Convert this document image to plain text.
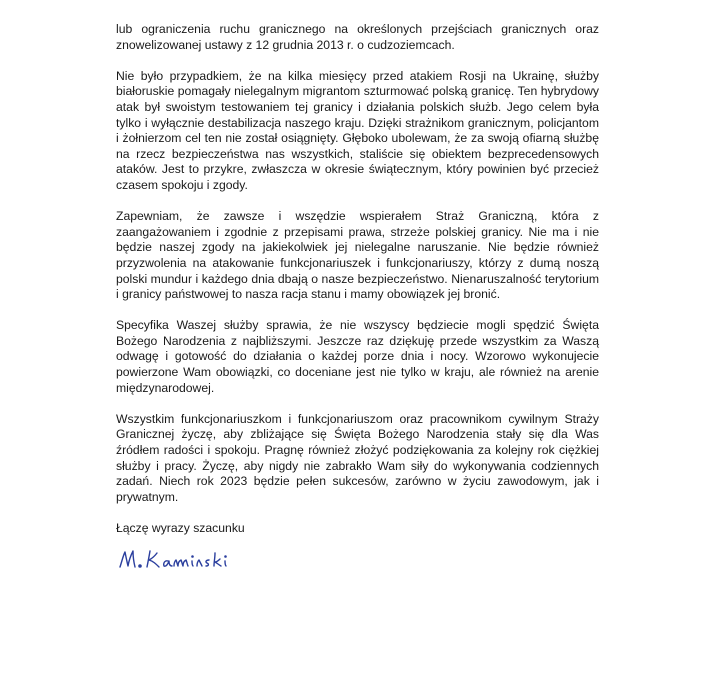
lub ograniczenia ruchu granicznego na określonych przejściach granicznych oraz znowelizowanej ustawy z 12 grudnia 2013 r. o cudzoziemcach.

Nie było przypadkiem, że na kilka miesięcy przed atakiem Rosji na Ukrainę, służby białoruskie pomagały nielegalnym migrantom szturmować polską granicę. Ten hybrydowy atak był swoistym testowaniem tej granicy i działania polskich służb. Jego celem była tylko i wyłącznie destabilizacja naszego kraju. Dzięki strażnikom granicznym, policjantom i żołnierzom cel ten nie został osiągnięty. Głęboko ubolewam, że za swoją ofiarną służbę na rzecz bezpieczeństwa nas wszystkich, staliście się obiektem bezprecedensowych ataków. Jest to przykre, zwłaszcza w okresie świątecznym, który powinien być przecież czasem spokoju i zgody.

Zapewniam, że zawsze i wszędzie wspierałem Straż Graniczną, która z zaangażowaniem i zgodnie z przepisami prawa, strzeże polskiej granicy. Nie ma i nie będzie naszej zgody na jakiekolwiek jej nielegalne naruszanie. Nie będzie również przyzwolenia na atakowanie funkcjonariuszek i funkcjonariuszy, którzy z dumą noszą polski mundur i każdego dnia dbają o nasze bezpieczeństwo. Nienaruszalność terytorium i granicy państwowej to nasza racja stanu i mamy obowiązek jej bronić.

Specyfika Waszej służby sprawia, że nie wszyscy będziecie mogli spędzić Święta Bożego Narodzenia z najbliższymi. Jeszcze raz dziękuję przede wszystkim za Waszą odwagę i gotowość do działania o każdej porze dnia i nocy. Wzorowo wykonujecie powierzone Wam obowiązki, co doceniane jest nie tylko w kraju, ale również na arenie międzynarodowej.

Wszystkim funkcjonariuszkom i funkcjonariuszom oraz pracownikom cywilnym Straży Granicznej życzę, aby zbliżające się Święta Bożego Narodzenia stały się dla Was źródłem radości i spokoju. Pragnę również złożyć podziękowania za kolejny rok ciężkiej służby i pracy. Życzę, aby nigdy nie zabrakło Wam siły do wykonywania codziennych zadań. Niech rok 2023 będzie pełen sukcesów, zarówno w życiu zawodowym, jak i prywatnym.

Łączę wyrazy szacunku
